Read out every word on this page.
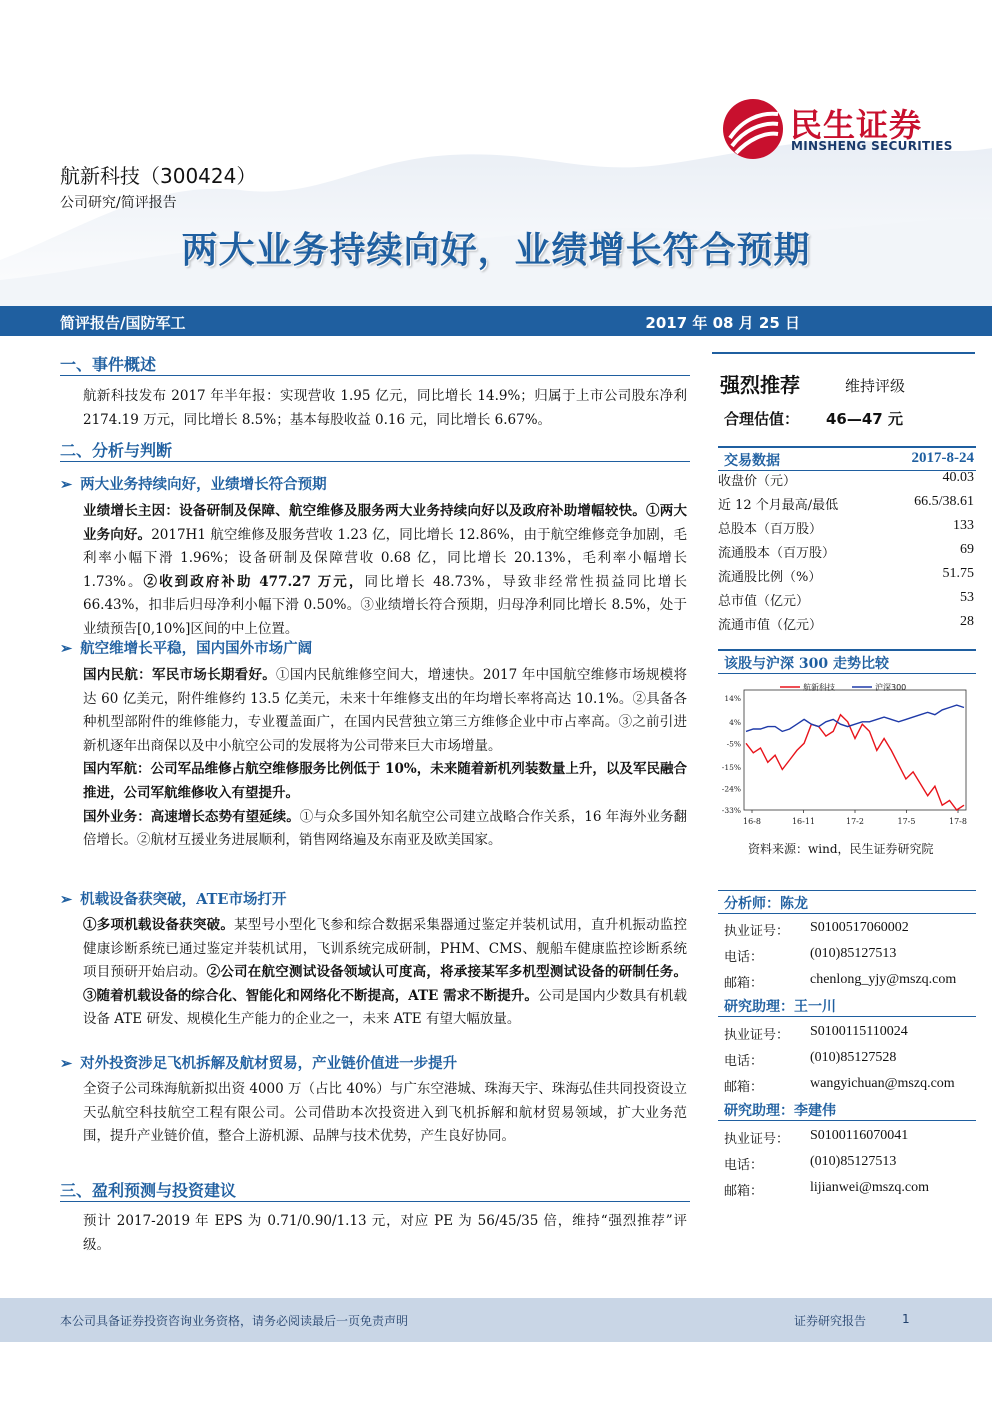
民生证券
MINSHENG SECURITIES
航新科技（300424）
公司研究/简评报告
两大业务持续向好，业绩增长符合预期
简评报告/国防军工	2017 年 08 月 25 日
一、事件概述
航新科技发布 2017 年半年报：实现营收 1.95 亿元，同比增长 14.9%；归属于上市公司股东净利 2174.19 万元，同比增长 8.5%；基本每股收益 0.16 元，同比增长 6.67%。
二、分析与判断
➢ 两大业务持续向好，业绩增长符合预期
业绩增长主因：设备研制及保障、航空维修及服务两大业务持续向好以及政府补助增幅较快。①两大业务向好。2017H1 航空维修及服务营收 1.23 亿，同比增长 12.86%，由于航空维修竞争加剧，毛利率小幅下滑 1.96%；设备研制及保障营收 0.68 亿，同比增长 20.13%，毛利率小幅增长 1.73%。②收到政府补助 477.27 万元，同比增长 48.73%，导致非经常性损益同比增长 66.43%，扣非后归母净利小幅下滑 0.50%。③业绩增长符合预期，归母净利同比增长 8.5%，处于业绩预告[0,10%]区间的中上位置。
➢ 航空维增长平稳，国内国外市场广阔
国内民航：军民市场长期看好。①国内民航维修空间大，增速快。2017 年中国航空维修市场规模将达 60 亿美元，附件维修约 13.5 亿美元，未来十年维修支出的年均增长率将高达 10.1%。②具备各种机型部附件的维修能力，专业覆盖面广，在国内民营独立第三方维修企业中市占率高。③之前引进新机逐年出商保以及中小航空公司的发展将为公司带来巨大市场增量。
国内军航：公司军品维修占航空维修服务比例低于 10%，未来随着新机列装数量上升，以及军民融合推进，公司军航维修收入有望提升。
国外业务：高速增长态势有望延续。①与众多国外知名航空公司建立战略合作关系，16 年海外业务翻倍增长。②航材互援业务进展顺利，销售网络遍及东南亚及欧美国家。
➢ 机载设备获突破，ATE市场打开
①多项机载设备获突破。某型号小型化飞参和综合数据采集器通过鉴定并装机试用，直升机振动监控健康诊断系统已通过鉴定并装机试用，飞训系统完成研制，PHM、CMS、舰船车健康监控诊断系统项目预研开始启动。②公司在航空测试设备领域认可度高，将承接某军多机型测试设备的研制任务。③随着机载设备的综合化、智能化和网络化不断提高，ATE 需求不断提升。公司是国内少数具有机载设备 ATE 研发、规模化生产能力的企业之一，未来 ATE 有望大幅放量。
➢ 对外投资涉足飞机拆解及航材贸易，产业链价值进一步提升
全资子公司珠海航新拟出资 4000 万（占比 40%）与广东空港城、珠海天宇、珠海弘佳共同投资设立天弘航空科技航空工程有限公司。公司借助本次投资进入到飞机拆解和航材贸易领域，扩大业务范围，提升产业链价值，整合上游机源、品牌与技术优势，产生良好协同。
三、盈利预测与投资建议
预计 2017-2019 年 EPS 为 0.71/0.90/1.13 元，对应 PE 为 56/45/35 倍，维持“强烈推荐”评级。
强烈推荐	维持评级
合理估值： 46—47 元
交易数据	2017-8-24
收盘价（元）	40.03
近 12 个月最高/最低	66.5/38.61
总股本（百万股）	133
流通股本（百万股）	69
流通股比例（%）	51.75
总市值（亿元）	53
流通市值（亿元）	28
该股与沪深 300 走势比较
14%
4%
-5%
-15%
-24%
-33%
16-8	16-11	17-2	17-5	17-8
航新科技	沪深300
资料来源：wind，民生证券研究院
分析师：陈龙
执业证号： S0100517060002
电话：	(010)85127513
邮箱：	chenlong_yjy@mszq.com
研究助理：王一川
执业证号： S0100115110024
电话：	(010)85127528
邮箱：	wangyichuan@mszq.com
研究助理：李建伟
执业证号： S0100116070041
电话：	(010)85127513
邮箱：	lijianwei@mszq.com
本公司具备证券投资咨询业务资格，请务必阅读最后一页免责声明	证券研究报告	1
